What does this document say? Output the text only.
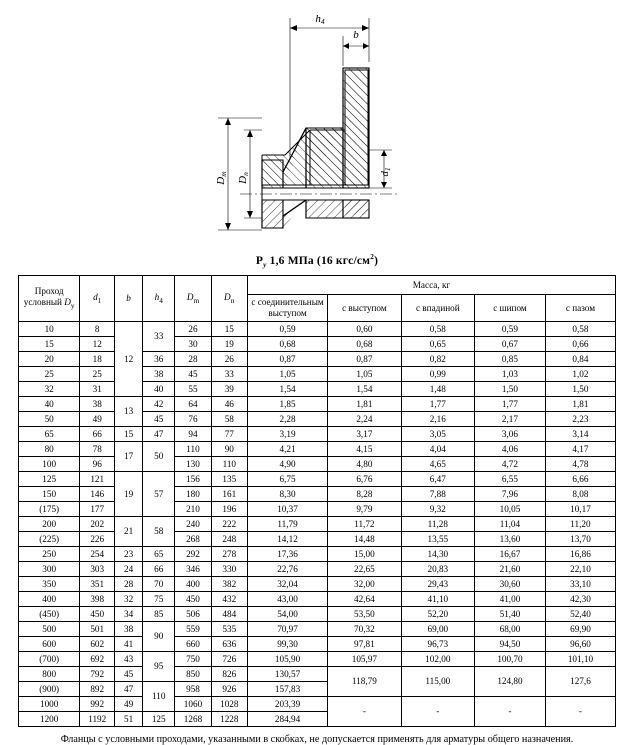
h4
b
Dm
Dn	d1
$P_у$ 1,6 МПа (16 кгс/$см^2$)
Проход
условный $D_у$	$d_1$	b	$h_4$	$D_m$	$D_п$	Масса, кг				
						с соединительным выступом	с выступом	с впадиной	с шипом	с пазом
10	8	12	33	26	15	0,59	0,60	0,58	0,59	0,58
15	12			30	19	0,68	0,68	0,65	0,67	0,66
20	18		36	28	26	0,87	0,87	0,82	0,85	0,84
25	25		38	45	33	1,05	1,05	0,99	1,03	1,02
32	31		40	55	39	1,54	1,54	1,48	1,50	1,50
40	38	13	42	64	46	1,85	1,81	1,77	1,77	1,81
50	49		45	76	58	2,28	2,24	2,16	2,17	2,23
65	66	15	47	94	77	3,19	3,17	3,05	3,06	3,14
80	78	17	50	110	90	4,21	4,15	4,04	4,06	4,17
100	96			130	110	4,90	4,80	4,65	4,72	4,78
125	121	19	57	156	135	6,75	6,76	6,47	6,55	6,66
150	146			180	161	8,30	8,28	7,88	7,96	8,08
(175)	177			210	196	10,37	9,79	9,32	10,05	10,17
200	202	21	58	240	222	11,79	11,72	11,28	11,04	11,20
(225)	226			268	248	14,12	14,48	13,55	13,60	13,70
250	254	23	65	292	278	17,36	15,00	14,30	16,67	16,86
300	303	24	66	346	330	22,76	22,65	20,83	21,60	22,10
350	351	28	70	400	382	32,04	32,00	29,43	30,60	33,10
400	398	32	75	450	432	43,00	42,64	41,10	41,00	42,30
(450)	450	34	85	506	484	54,00	53,50	52,20	51,40	52,40
500	501	38	90	559	535	70,97	70,32	69,00	68,00	69,90
600	602	41		660	636	99,30	97,81	96,73	94,50	96,60
(700)	692	43	95	750	726	105,90	105,97	102,00	100,70	101,10
800	792	45		850	826	130,57	118,79	115,00	124,80	127,6
(900)	892	47	110	958	926	157,83				
1000	992	49		1060	1028	203,39	-	-	-	-
1200	1192	51	125	1268	1228	284,94				
Фланцы с условными проходами, указанными в скобках, не допускается применять для арматуры общего назначения.
